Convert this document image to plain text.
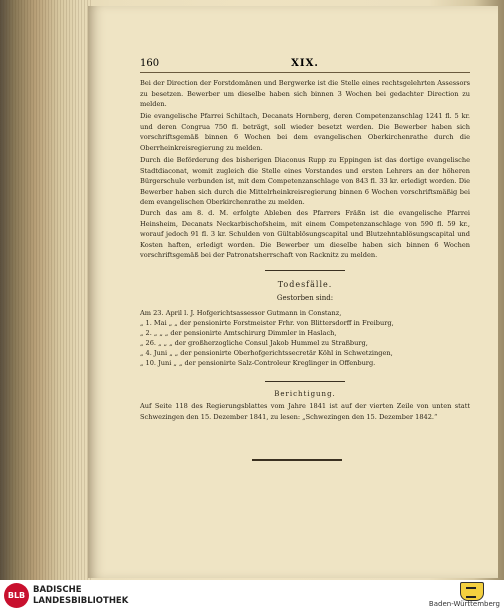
160	XIX.
Bei der Direction der Forstdomänen und Bergwerke ist die Stelle eines rechtsgelehrten Assessors zu besetzen. Bewerber um dieselbe haben sich binnen 3 Wochen bei gedachter Direction zu melden.
Die evangelische Pfarrei Schiltach, Decanats Hornberg, deren Competenzanschlag 1241 fl. 5 kr. und deren Congrua 750 fl. beträgt, soll wieder besetzt werden. Die Bewerber haben sich vorschriftsgemäß binnen 6 Wochen bei dem evangelischen Oberkirchenrathe durch die Oberrheinkreisregierung zu melden.
Durch die Beförderung des bisherigen Diaconus Rupp zu Eppingen ist das dortige evangelische Stadtdiaconat, womit zugleich die Stelle eines Vorstandes und ersten Lehrers an der höheren Bürgerschule verbunden ist, mit dem Competenzanschlage von 843 fl. 33 kr. erledigt worden. Die Bewerber haben sich durch die Mittelrheinkreisregierung binnen 6 Wochen vorschriftsmäßig bei dem evangelischen Oberkirchenrathe zu melden.
Durch das am 8. d. M. erfolgte Ableben des Pfarrers Fräßn ist die evangelische Pfarrei Heinsheim, Decanats Neckarbischofsheim, mit einem Competenzanschlage von 590 fl. 59 kr., worauf jedoch 91 fl. 3 kr. Schulden von Gültablösungscapital und Blutzehntablösungscapital und Kosten haften, erledigt worden. Die Bewerber um dieselbe haben sich binnen 6 Wochen vorschriftsgemäß bei der Patronatsherrschaft von Racknitz zu melden.
Todesfälle.
Gestorben sind:
Am 23. April l. J. Hofgerichtsassessor Gutmann in Constanz,
„ 1. Mai „ „ der pensionirte Forstmeister Frhr. von Blittersdorff in Freiburg,
„ 2. „ „ „ der pensionirte Amtschirurg Dimmler in Haslach,
„ 26. „ „ „ der großherzogliche Consul Jakob Hummel zu Straßburg,
„ 4. Juni „ „ der pensionirte Oberhofgerichtssecretär Köhl in Schwetzingen,
„ 10. Juni „ „ der pensionirte Salz-Controleur Kreglinger in Offenburg.
Berichtigung.
Auf Seite 118 des Regierungsblattes vom Jahre 1841 ist auf der vierten Zeile von unten statt Schwezingen den 15. Dezember 1841, zu lesen: „Schwezingen den 15. Dezember 1842.“
BLB
BADISCHE
LANDESBIBLIOTHEK	Baden-Württemberg
